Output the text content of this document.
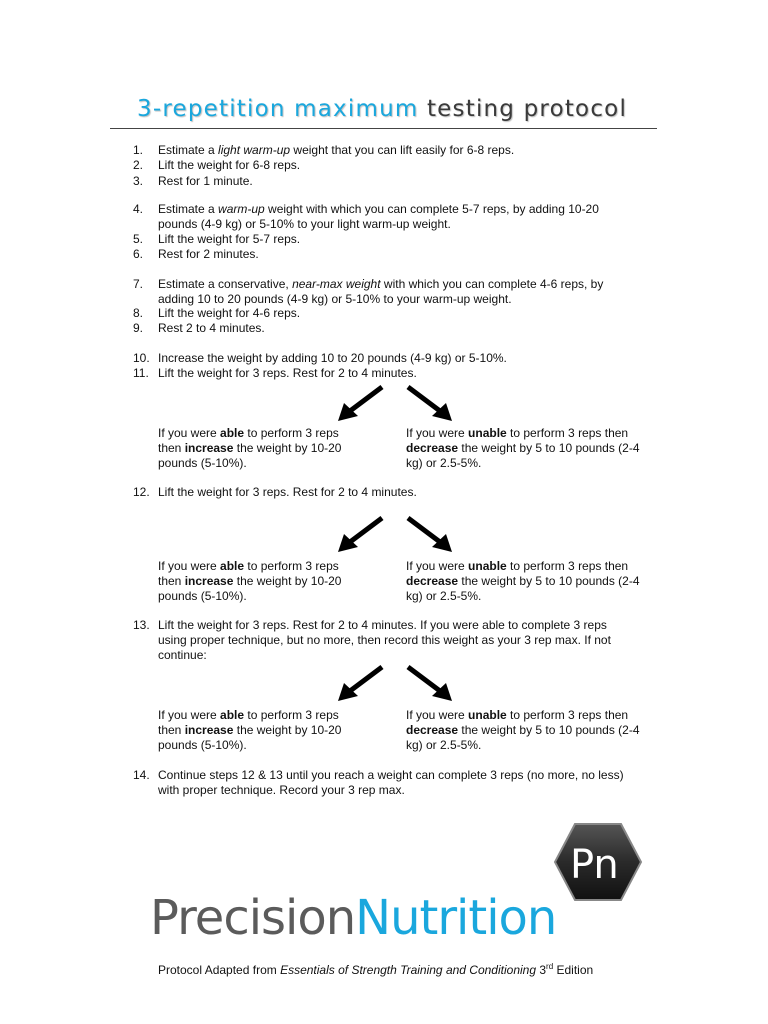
3-repetition maximum testing protocol
1. Estimate a light warm-up weight that you can lift easily for 6-8 reps.
2. Lift the weight for 6-8 reps.
3. Rest for 1 minute.
4. Estimate a warm-up weight with which you can complete 5-7 reps, by adding 10-20
pounds (4-9 kg) or 5-10% to your light warm-up weight.
5. Lift the weight for 5-7 reps.
6. Rest for 2 minutes.
7. Estimate a conservative, near-max weight with which you can complete 4-6 reps, by
adding 10 to 20 pounds (4-9 kg) or 5-10% to your warm-up weight.
8. Lift the weight for 4-6 reps.
9. Rest 2 to 4 minutes.
10. Increase the weight by adding 10 to 20 pounds (4-9 kg) or 5-10%.
11. Lift the weight for 3 reps. Rest for 2 to 4 minutes.
If you were able to perform 3 reps
then increase the weight by 10-20
pounds (5-10%).
If you were unable to perform 3 reps then
decrease the weight by 5 to 10 pounds (2-4
kg) or 2.5-5%.
12. Lift the weight for 3 reps. Rest for 2 to 4 minutes.
If you were able to perform 3 reps
then increase the weight by 10-20
pounds (5-10%).
If you were unable to perform 3 reps then
decrease the weight by 5 to 10 pounds (2-4
kg) or 2.5-5%.
13. Lift the weight for 3 reps. Rest for 2 to 4 minutes. If you were able to complete 3 reps
using proper technique, but no more, then record this weight as your 3 rep max. If not
continue:
If you were able to perform 3 reps
then increase the weight by 10-20
pounds (5-10%).
If you were unable to perform 3 reps then
decrease the weight by 5 to 10 pounds (2-4
kg) or 2.5-5%.
14. Continue steps 12 & 13 until you reach a weight can complete 3 reps (no more, no less)
with proper technique. Record your 3 rep max.
Pn
PrecisionNutrition
Protocol Adapted from Essentials of Strength Training and Conditioning 3rd Edition
